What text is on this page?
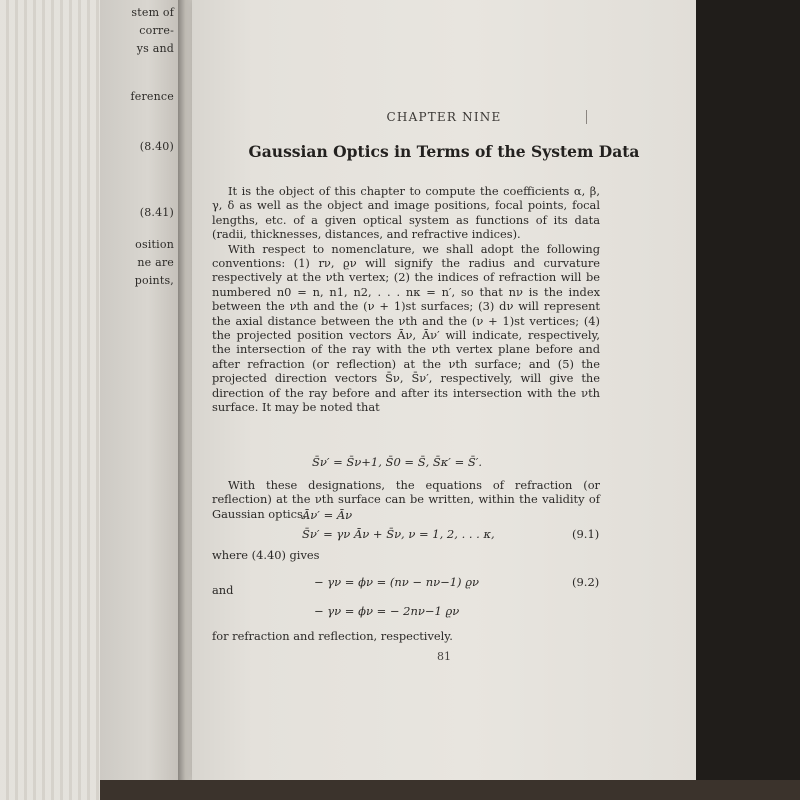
stem of
corre-
ys and
ference
(8.40)
(8.41)
osition
ne are
points,
CHAPTER NINE
Gaussian Optics in Terms of the System Data

It is the object of this chapter to compute the coefficients α, β, γ, δ as well as the object and image positions, focal points, focal lengths, etc. of a given optical system as functions of its data (radii, thicknesses, distances, and refractive indices).

With respect to nomenclature, we shall adopt the following conventions: (1) rν, ϱν will signify the radius and curvature respectively at the νth vertex; (2) the indices of refraction will be numbered n0 = n, n1, n2, . . . nκ = n′, so that nν is the index between the νth and the (ν + 1)st surfaces; (3) dν will represent the axial distance between the νth and the (ν + 1)st vertices; (4) the projected position vectors Āν, Āν′ will indicate, respectively, the intersection of the ray with the νth vertex plane before and after refraction (or reflection) at the νth surface; and (5) the projected direction vectors S̄ν, S̄ν′, respectively, will give the direction of the ray before and after its intersection with the νth surface. It may be noted that

S̄ν′ = S̄ν+1, S̄0 = S̄, S̄κ′ = S̄′.

With these designations, the equations of refraction (or reflection) at the νth surface can be written, within the validity of Gaussian optics,

Āν′ = Āν
S̄ν′ = γν Āν + S̄ν, ν = 1, 2, . . . κ,	(9.1)
where (4.40) gives
− γν = ϕν = (nν − nν−1) ϱν	(9.2)
and
− γν = ϕν = − 2nν−1 ϱν
for refraction and reflection, respectively.
81
